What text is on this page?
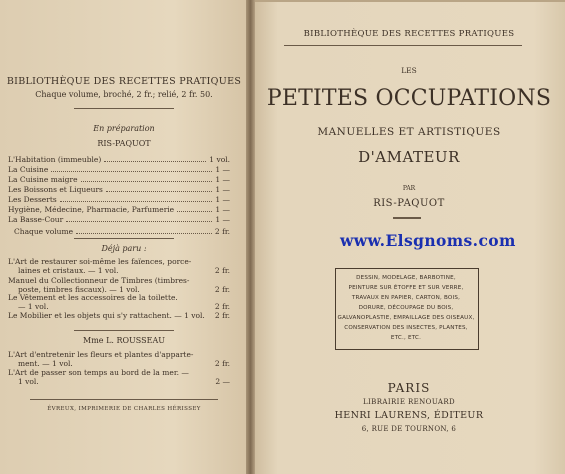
BIBLIOTHÈQUE DES RECETTES PRATIQUES
Chaque volume, broché, 2 fr.; relié, 2 fr. 50.
En préparation
RIS-PAQUOT
L'Habitation (immeuble)	1 vol.
La Cuisine	1 —
La Cuisine maigre	1 —
Les Boissons et Liqueurs	1 —
Les Desserts	1 —
Hygiène, Médecine, Pharmacie, Parfumerie	1 —
La Basse-Cour	1 —
Chaque volume	2 fr.
Déjà paru :
L'Art de restaurer soi-même les faïences, porce-
laines et cristaux. — 1 vol.	2 fr.
Manuel du Collectionneur de Timbres (timbres-
poste, timbres fiscaux). — 1 vol.	2 fr.
Le Vêtement et les accessoires de la toilette.
— 1 vol.	2 fr.
Le Mobilier et les objets qui s'y rattachent. — 1 vol.	2 fr.
Mme L. ROUSSEAU
L'Art d'entretenir les fleurs et plantes d'apparte-
ment. — 1 vol.	2 fr.
L'Art de passer son temps au bord de la mer. —
1 vol.	2 —
ÉVREUX, IMPRIMERIE DE CHARLES HÉRISSEY
BIBLIOTHÈQUE DES RECETTES PRATIQUES
LES
PETITES OCCUPATIONS
MANUELLES ET ARTISTIQUES
D'AMATEUR
PAR
RIS-PAQUOT
www.Elsgnoms.com
DESSIN, MODELAGE, BARBOTINE,
PEINTURE SUR ÉTOFFE ET SUR VERRE,
TRAVAUX EN PAPIER, CARTON, BOIS,
DORURE, DÉCOUPAGE DU BOIS,
GALVANOPLASTIE, EMPAILLAGE DES OISEAUX,
CONSERVATION DES INSECTES, PLANTES,
ETC., ETC.
PARIS
LIBRAIRIE RENOUARD
HENRI LAURENS, ÉDITEUR
6, RUE DE TOURNON, 6
